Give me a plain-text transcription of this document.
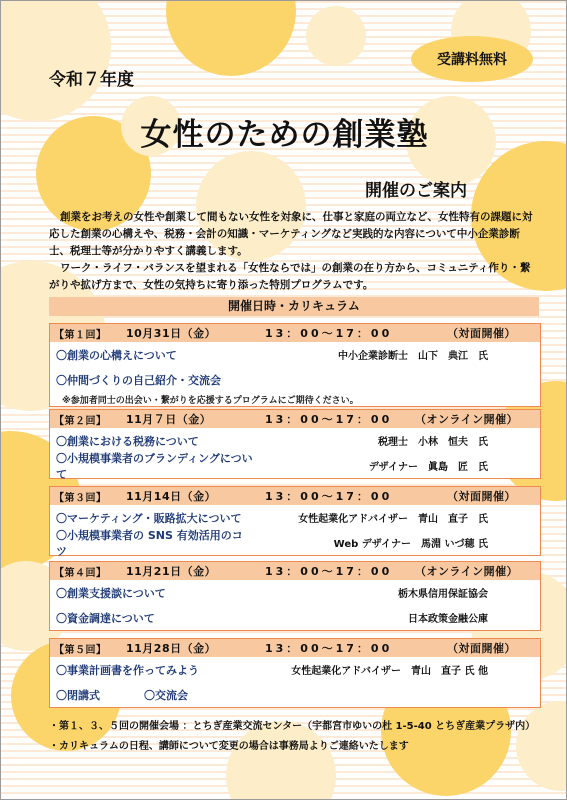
受講料無料
令和７年度
女性のための創業塾
開催のご案内

創業をお考えの女性や創業して間もない女性を対象に、仕事と家庭の両立など、女性特有の課題に対応した創業の心構えや、税務・会計の知識・マーケティングなど実践的な内容について中小企業診断士、税理士等が分かりやすく講義します。

ワーク・ライフ・バランスを望まれる「女性ならでは」の創業の在り方から、コミュニティ作り・繋がりや拡げ方まで、女性の気持ちに寄り添った特別プログラムです。

開催日時・カリキュラム
【第１回】	10月31日（金）	13：00～17：00	（対面開催）
〇創業の心構えについて	中小企業診断士　山下　典江　氏
〇仲間づくりの自己紹介・交流会
※参加者同士の出会い・繋がりを応援するプログラムにご期待ください。
【第２回】	11月７日（金）	13：00～17：00	（オンライン開催）
〇創業における税務について	税理士　小林　恒夫　氏
〇小規模事業者のブランディングについて	デザイナー　眞島　匠　氏
【第３回】	11月14日（金）	13：00～17：00	（対面開催）
〇マーケティング・販路拡大について	女性起業化アドバイザー　青山　直子　氏
〇小規模事業者の SNS 有効活用のコツ	Web デザイナー　馬淵 いづ穂 氏
【第４回】	11月21日（金）	13：00～17：00	（オンライン開催）
〇創業支援談について	栃木県信用保証協会
〇資金調達について	日本政策金融公庫
【第５回】	11月28日（金）	13：00～17：00	（対面開催）
〇事業計画書を作ってみよう	女性起業化アドバイザー　青山　直子 氏 他
〇閉講式　　　　〇交流会
・第１、３、５回の開催会場 ：とちぎ産業交流センター（宇都宮市ゆいの杜 1-5-40 とちぎ産業プラザ内）
・カリキュラムの日程、講師について変更の場合は事務局よりご連絡いたします
